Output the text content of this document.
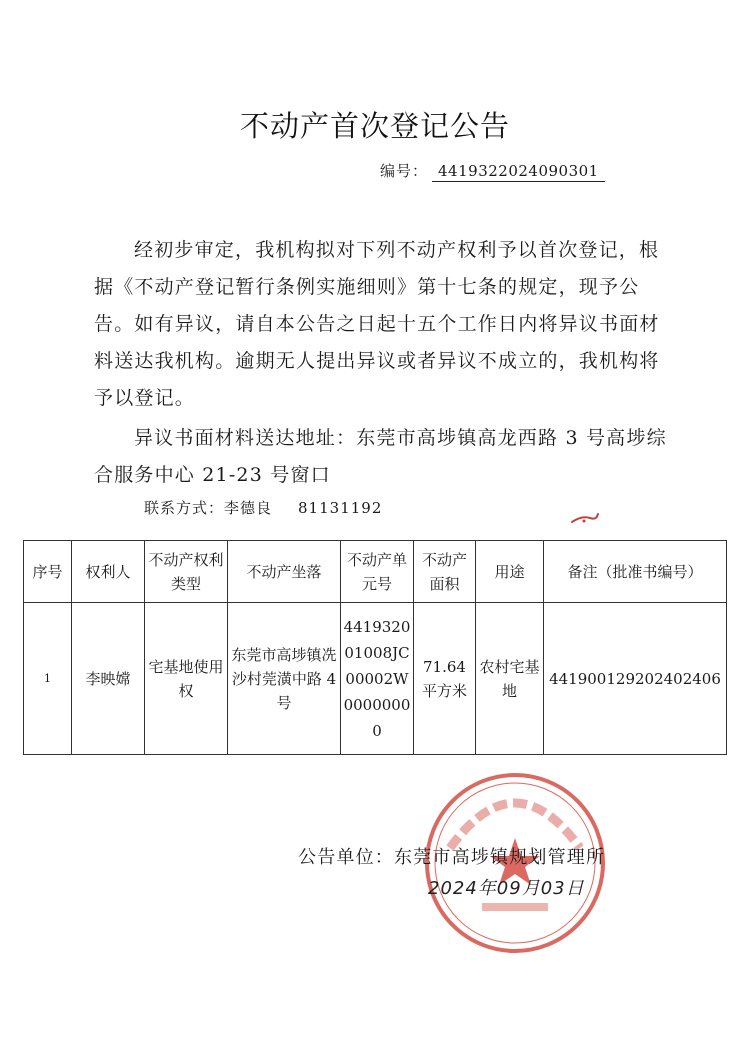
不动产首次登记公告
编号： 4419322024090301

经初步审定，我机构拟对下列不动产权利予以首次登记，根据《不动产登记暂行条例实施细则》第十七条的规定，现予公告。如有异议，请自本公告之日起十五个工作日内将异议书面材料送达我机构。逾期无人提出异议或者异议不成立的，我机构将予以登记。

异议书面材料送达地址：东莞市高埗镇高龙西路 3 号高埗综合服务中心 21-23 号窗口

联系方式：李德良 81131192
序号	权利人	不动产权利类型	不动产坐落	不动产单元号	不动产面积	用途	备注（批准书编号）
1	李映嫦	宅基地使用权	东莞市高埗镇冼沙村莞潢中路 4 号	441932001008JC00002W00000000	71.64 平方米	农村宅基地	441900129202402406
公告单位：东莞市高埗镇规划管理所
2024年09月03日
